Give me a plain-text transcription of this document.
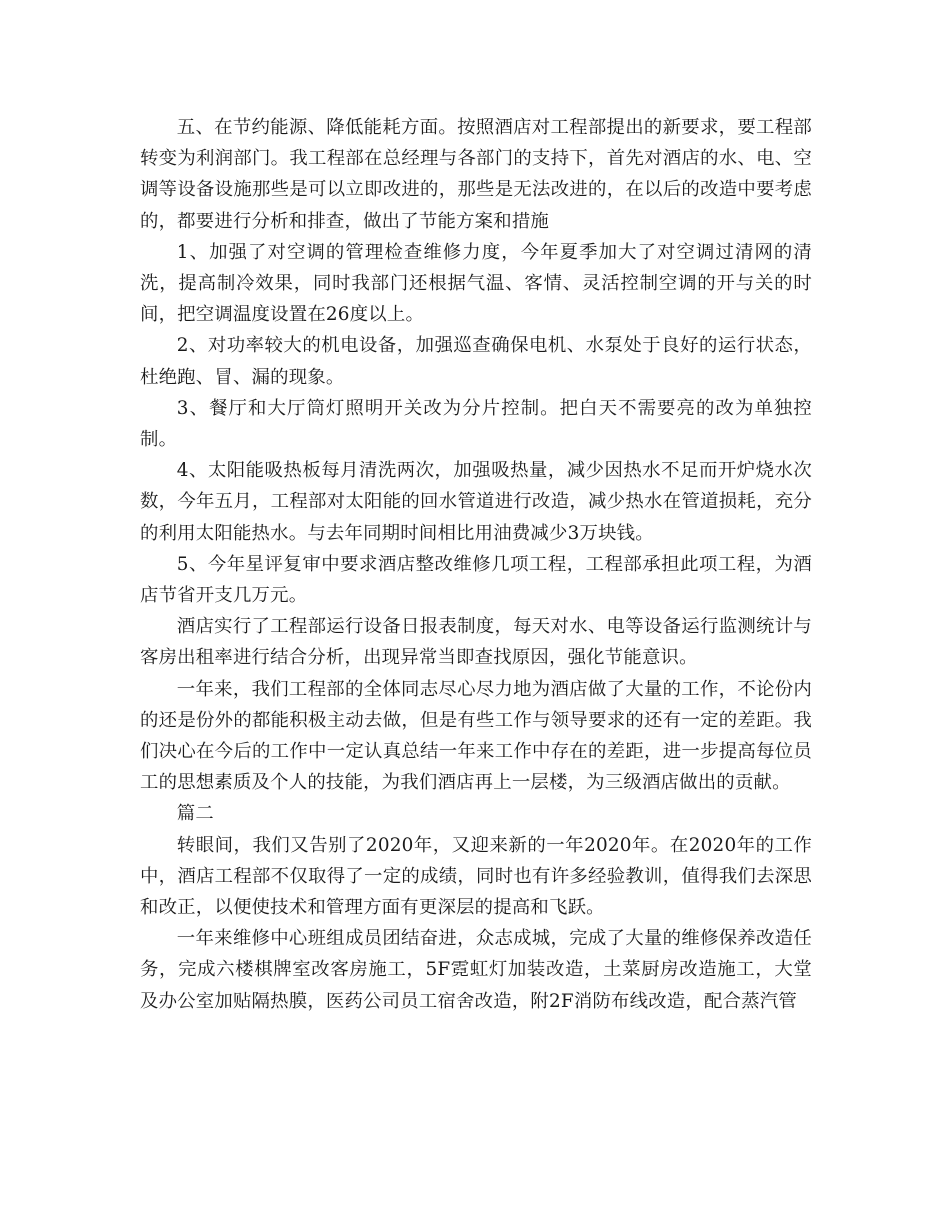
五、在节约能源、降低能耗方面。按照酒店对工程部提出的新要求，要工程部转变为利润部门。我工程部在总经理与各部门的支持下，首先对酒店的水、电、空调等设备设施那些是可以立即改进的，那些是无法改进的，在以后的改造中要考虑的，都要进行分析和排查，做出了节能方案和措施

1、加强了对空调的管理检查维修力度，今年夏季加大了对空调过清网的清洗，提高制冷效果，同时我部门还根据气温、客情、灵活控制空调的开与关的时间，把空调温度设置在26度以上。

2、对功率较大的机电设备，加强巡查确保电机、水泵处于良好的运行状态，杜绝跑、冒、漏的现象。

3、餐厅和大厅筒灯照明开关改为分片控制。把白天不需要亮的改为单独控制。

4、太阳能吸热板每月清洗两次，加强吸热量，减少因热水不足而开炉烧水次数，今年五月，工程部对太阳能的回水管道进行改造，减少热水在管道损耗，充分的利用太阳能热水。与去年同期时间相比用油费减少3万块钱。

5、今年星评复审中要求酒店整改维修几项工程，工程部承担此项工程，为酒店节省开支几万元。

酒店实行了工程部运行设备日报表制度，每天对水、电等设备运行监测统计与客房出租率进行结合分析，出现异常当即查找原因，强化节能意识。

一年来，我们工程部的全体同志尽心尽力地为酒店做了大量的工作，不论份内的还是份外的都能积极主动去做，但是有些工作与领导要求的还有一定的差距。我们决心在今后的工作中一定认真总结一年来工作中存在的差距，进一步提高每位员工的思想素质及个人的技能，为我们酒店再上一层楼，为三级酒店做出的贡献。

篇二

转眼间，我们又告别了2020年，又迎来新的一年2020年。在2020年的工作中，酒店工程部不仅取得了一定的成绩，同时也有许多经验教训，值得我们去深思和改正，以便使技术和管理方面有更深层的提高和飞跃。

一年来维修中心班组成员团结奋进，众志成城，完成了大量的维修保养改造任务，完成六楼棋牌室改客房施工，5F霓虹灯加装改造，土菜厨房改造施工，大堂及办公室加贴隔热膜，医药公司员工宿舍改造，附2F消防布线改造，配合蒸汽管
